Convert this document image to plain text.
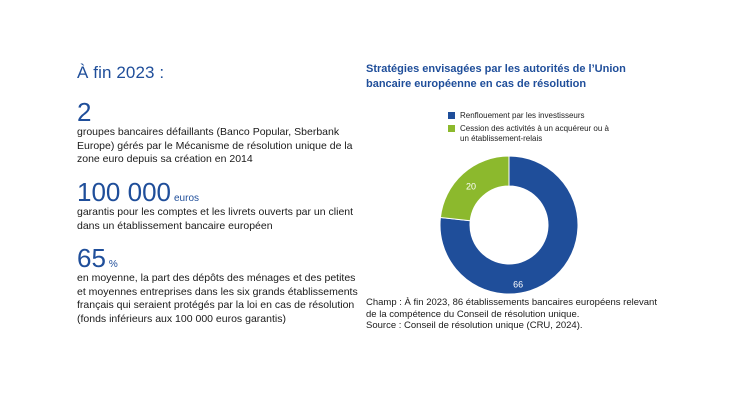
À fin 2023 :
2
groupes bancaires défaillants (Banco Popular, Sberbank Europe) gérés par le Mécanisme de résolution unique de la zone euro depuis sa création en 2014
100 000 euros
garantis pour les comptes et les livrets ouverts par un client dans un établissement bancaire européen
65 %
en moyenne, la part des dépôts des ménages et des petites et moyennes entreprises dans les six grands établissements français qui seraient protégés par la loi en cas de résolution (fonds inférieurs aux 100 000 euros garantis)
Stratégies envisagées par les autorités de l’Union bancaire européenne en cas de résolution
Renflouement par les investisseurs
Cession des activités à un acquéreur ou à un établissement-relais
66
20
Champ : À fin 2023, 86 établissements bancaires européens relevant de la compétence du Conseil de résolution unique.
Source : Conseil de résolution unique (CRU, 2024).
